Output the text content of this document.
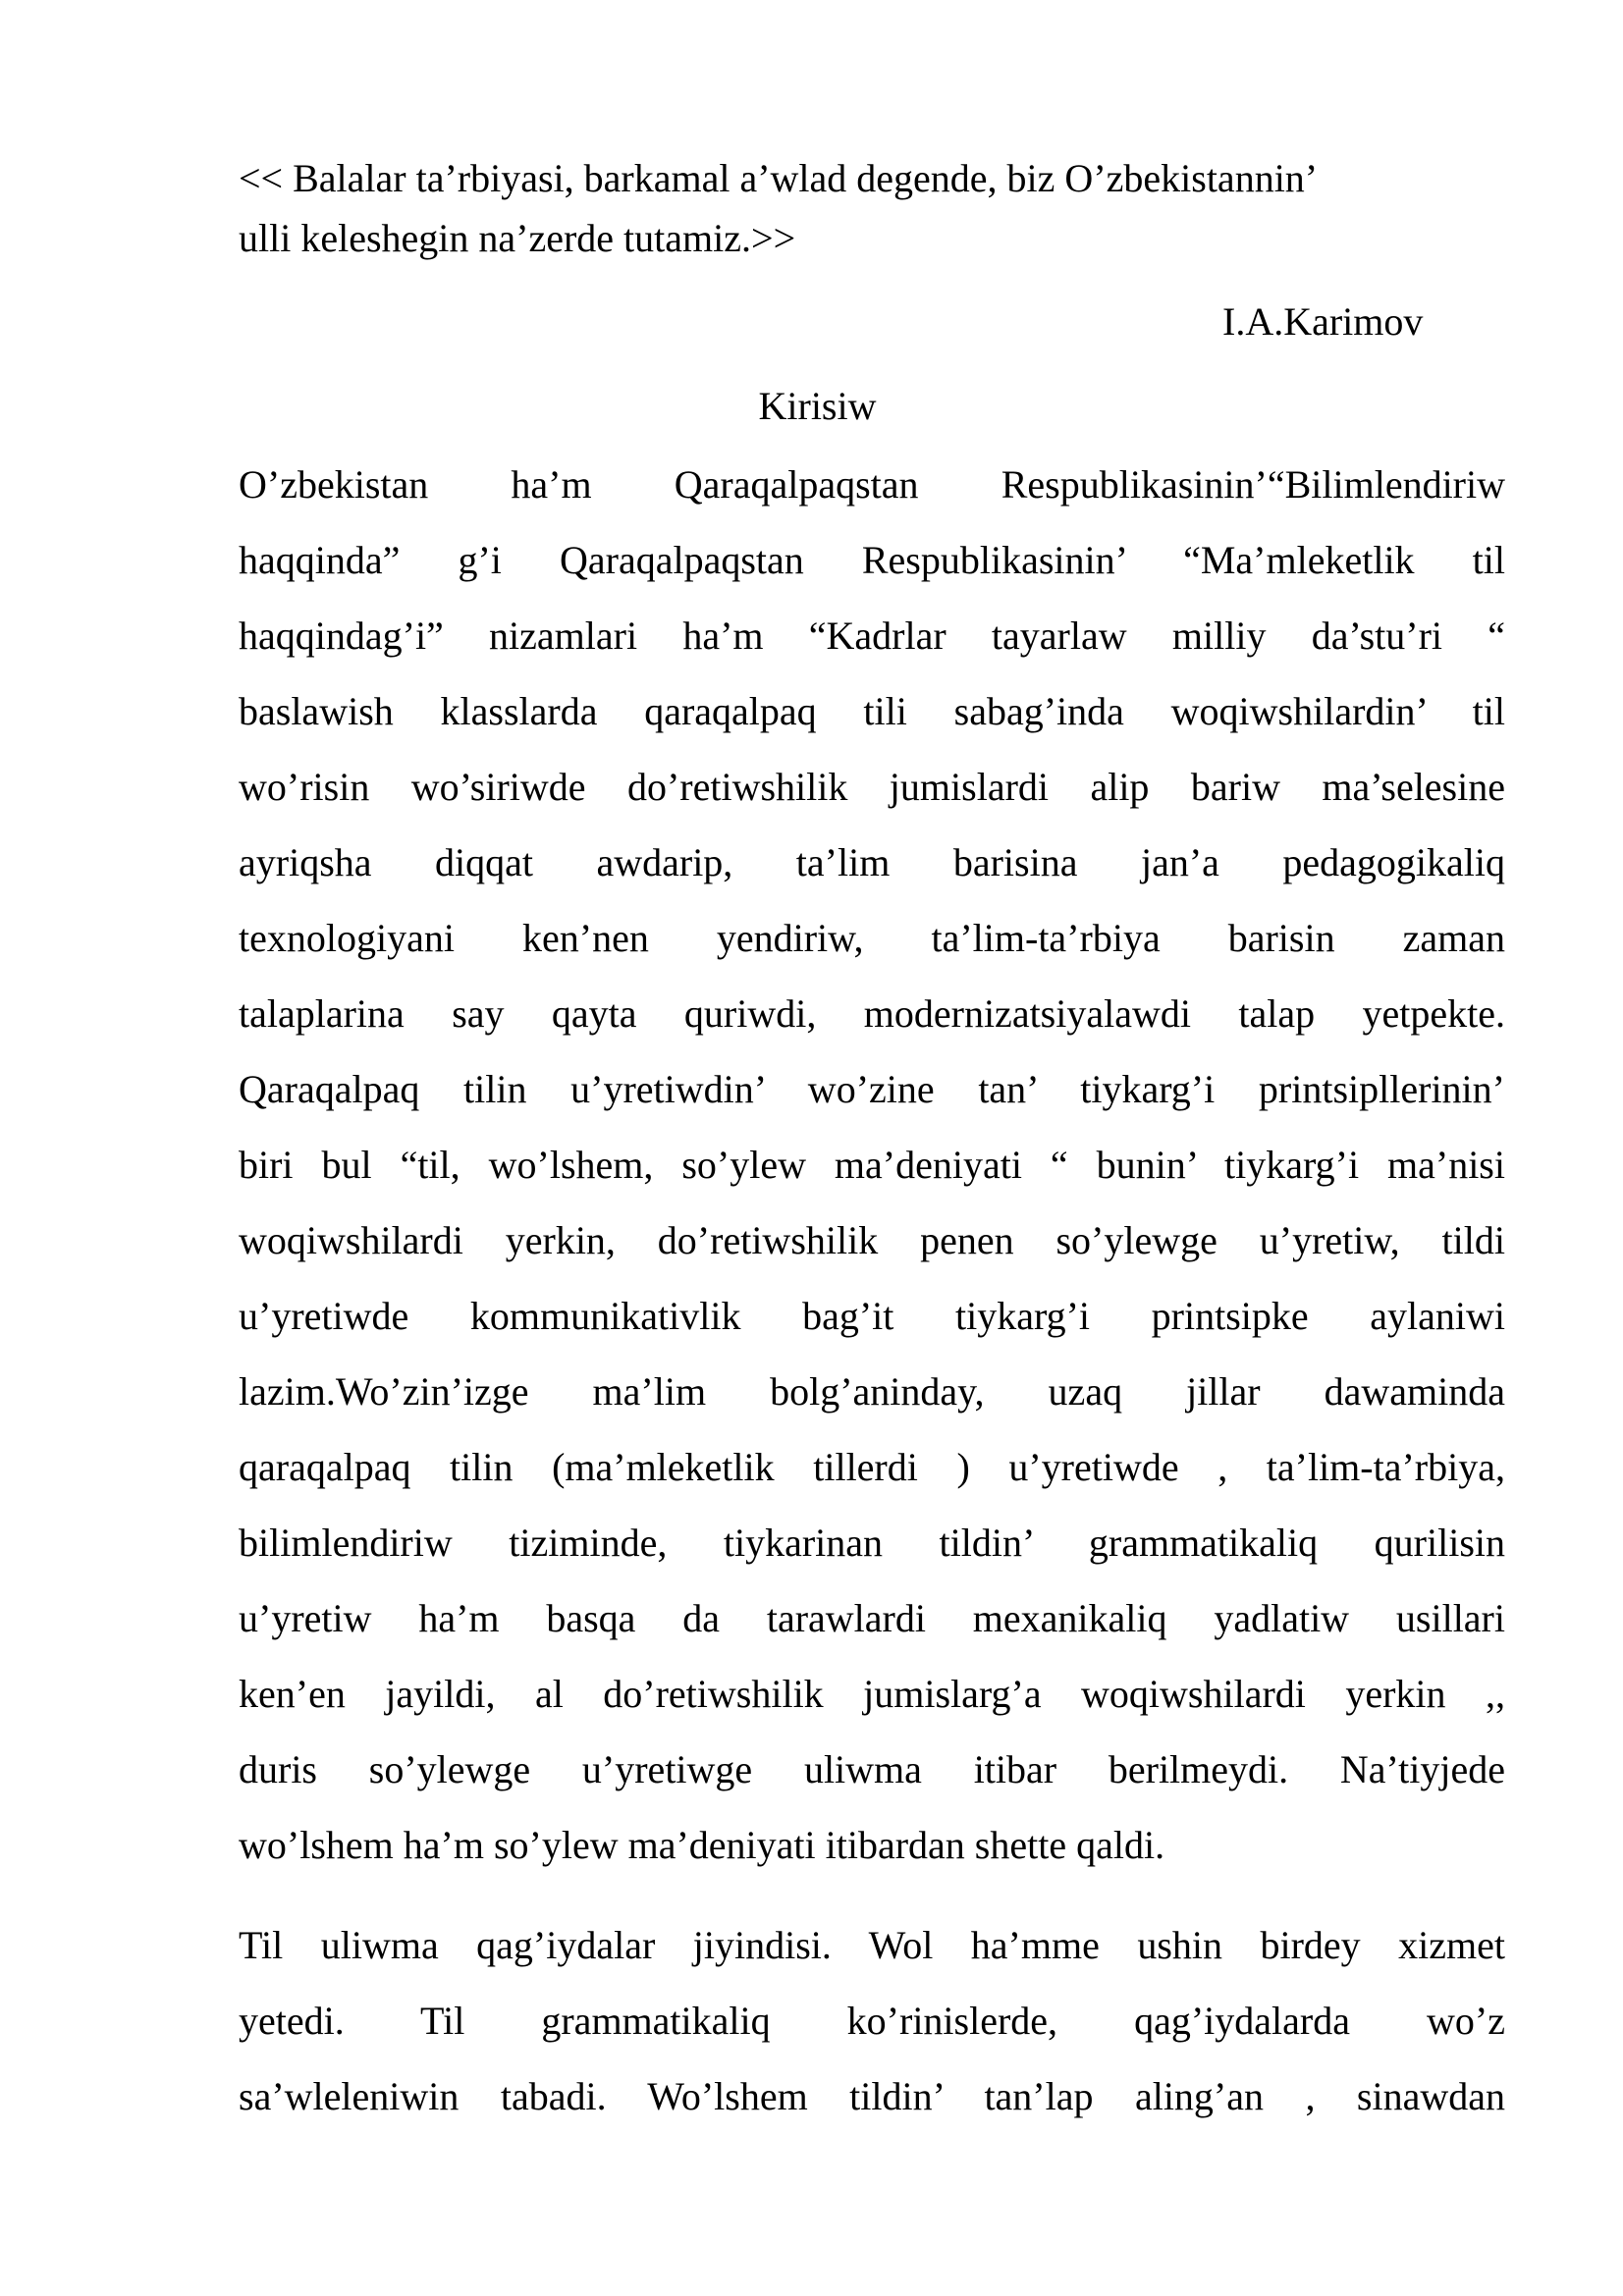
<< Balalar ta’rbiyasi, barkamal a’wlad degende, biz O’zbekistannin’
ulli keleshegin na’zerde tutamiz.>>
I.A.Karimov
Kirisiw
O’zbekistan ha’m Qaraqalpaqstan Respublikasinin’“Bilimlendiriw
haqqinda” g’i Qaraqalpaqstan Respublikasinin’ “Ma’mleketlik til
haqqindag’i” nizamlari ha’m “Kadrlar tayarlaw milliy da’stu’ri “
baslawish klasslarda qaraqalpaq tili sabag’inda woqiwshilardin’ til
wo’risin wo’siriwde do’retiwshilik jumislardi alip bariw ma’selesine
ayriqsha diqqat awdarip, ta’lim barisina jan’a pedagogikaliq
texnologiyani ken’nen yendiriw, ta’lim-ta’rbiya barisin zaman
talaplarina say qayta quriwdi, modernizatsiyalawdi talap yetpekte.
Qaraqalpaq tilin u’yretiwdin’ wo’zine tan’ tiykarg’i printsipllerinin’
biri bul “til, wo’lshem, so’ylew ma’deniyati “ bunin’ tiykarg’i ma’nisi
woqiwshilardi yerkin, do’retiwshilik penen so’ylewge u’yretiw, tildi
u’yretiwde kommunikativlik bag’it tiykarg’i printsipke aylaniwi
lazim.Wo’zin’izge ma’lim bolg’aninday, uzaq jillar dawaminda
qaraqalpaq tilin (ma’mleketlik tillerdi ) u’yretiwde , ta’lim-ta’rbiya,
bilimlendiriw tiziminde, tiykarinan tildin’ grammatikaliq qurilisin
u’yretiw ha’m basqa da tarawlardi mexanikaliq yadlatiw usillari
ken’en jayildi, al do’retiwshilik jumislarg’a woqiwshilardi yerkin ,,
duris so’ylewge u’yretiwge uliwma itibar berilmeydi. Na’tiyjede
wo’lshem ha’m so’ylew ma’deniyati itibardan shette qaldi.
Til uliwma qag’iydalar jiyindisi. Wol ha’mme ushin birdey xizmet
yetedi. Til grammatikaliq ko’rinislerde, qag’iydalarda wo’z
sa’wleleniwin tabadi. Wo’lshem tildin’ tan’lap aling’an , sinawdan
